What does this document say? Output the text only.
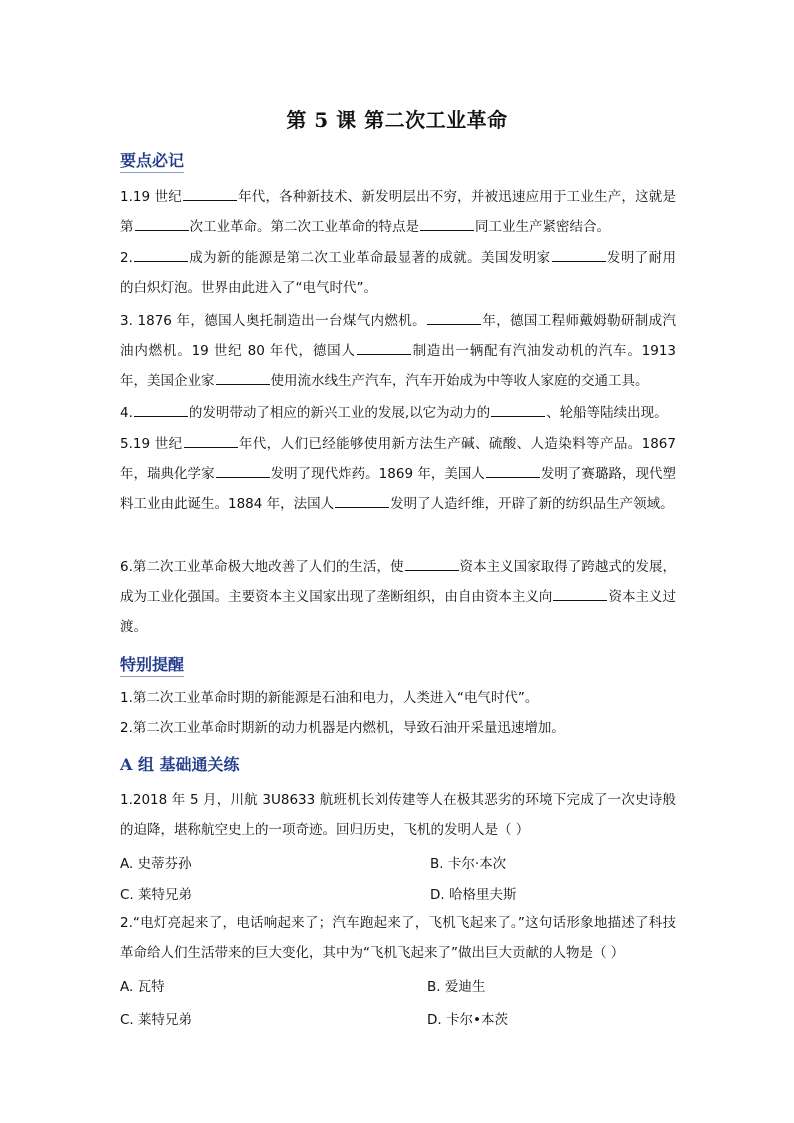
第 5 课 第二次工业革命
要点必记

1.19 世纪	年代，各种新技术、新发明层出不穷，并被迅速应用于工业生产，这就是第	次工业革命。第二次工业革命的特点是	同工业生产紧密结合。

2.	成为新的能源是第二次工业革命最显著的成就。美国发明家	发明了耐用的白炽灯泡。世界由此进入了“电气时代”。

3. 1876 年，德国人奥托制造出一台煤气内燃机。	年，德国工程师戴姆勒研制成汽油内燃机。19 世纪 80 年代，德国人	制造出一辆配有汽油发动机的汽车。1913 年，美国企业家	使用流水线生产汽车，汽车开始成为中等收人家庭的交通工具。

4.	的发明带动了相应的新兴工业的发展,以它为动力的	、轮船等陆续出现。

5.19 世纪	年代，人们已经能够使用新方法生产碱、硫酸、人造染料等产品。1867 年，瑞典化学家	发明了现代炸药。1869 年，美国人	发明了赛璐路，现代塑料工业由此诞生。1884 年，法国人	发明了人造纤维，开辟了新的纺织品生产领域。

6.第二次工业革命极大地改善了人们的生活，使	资本主义国家取得了跨越式的发展，成为工业化强国。主要资本主义国家出现了垄断组织，由自由资本主义向	资本主义过渡。

特别提醒
1.第二次工业革命时期的新能源是石油和电力，人类进入“电气时代”。
2.第二次工业革命时期新的动力机器是内燃机，导致石油开采量迅速增加。
A 组 基础通关练

1.2018 年 5 月，川航 3U8633 航班机长刘传建等人在极其恶劣的环境下完成了一次史诗般的迫降，堪称航空史上的一项奇迹。回归历史，飞机的发明人是（ ）

A. 史蒂芬孙	B. 卡尔·本次
C. 莱特兄弟	D. 哈格里夫斯

2.“电灯亮起来了，电话响起来了；汽车跑起来了，飞机飞起来了。”这句话形象地描述了科技革命给人们生活带来的巨大变化，其中为“飞机飞起来了”做出巨大贡献的人物是（ ）

A. 瓦特	B. 爱迪生
C. 莱特兄弟	D. 卡尔•本茨
